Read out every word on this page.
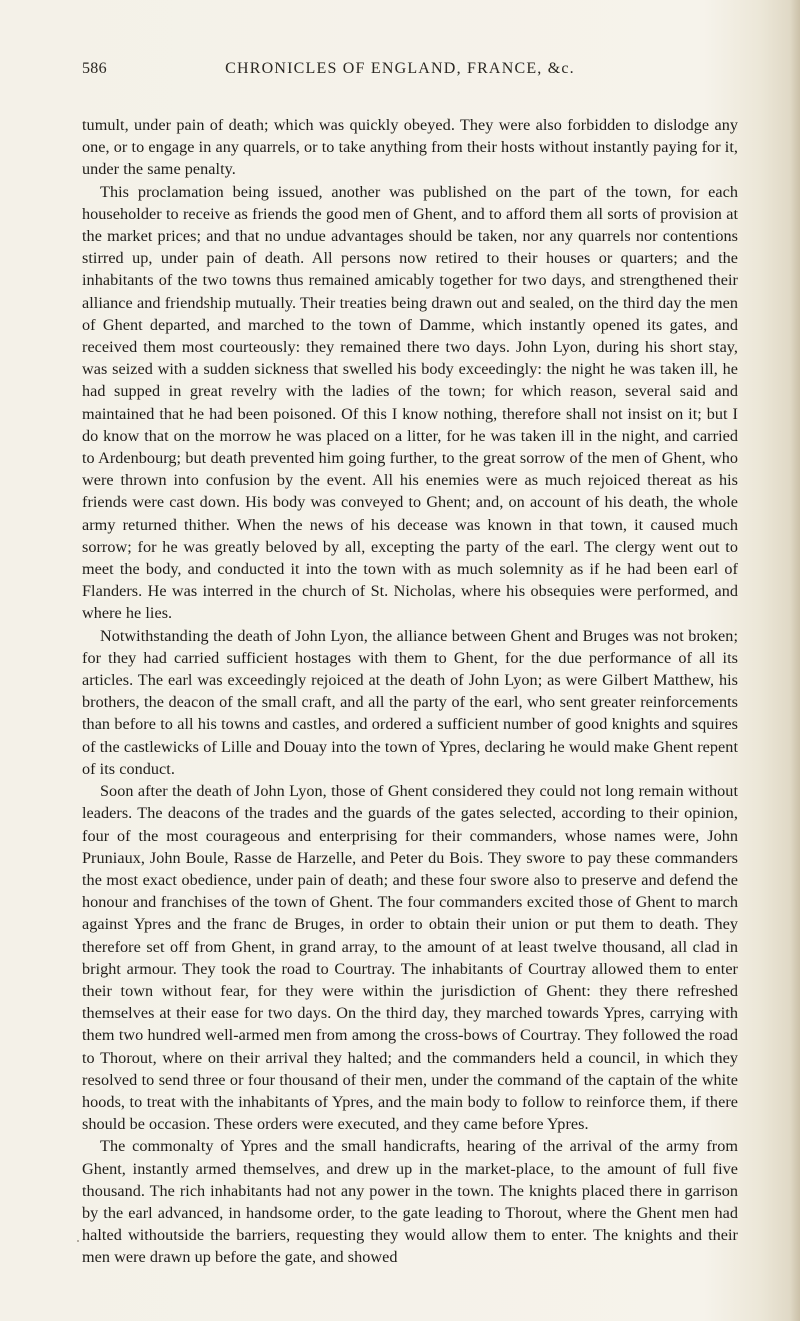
586	CHRONICLES OF ENGLAND, FRANCE, &c.

tumult, under pain of death; which was quickly obeyed. They were also forbidden to dislodge any one, or to engage in any quarrels, or to take anything from their hosts without instantly paying for it, under the same penalty.

This proclamation being issued, another was published on the part of the town, for each householder to receive as friends the good men of Ghent, and to afford them all sorts of provision at the market prices; and that no undue advantages should be taken, nor any quarrels nor contentions stirred up, under pain of death. All persons now retired to their houses or quarters; and the inhabitants of the two towns thus remained amicably together for two days, and strengthened their alliance and friendship mutually. Their treaties being drawn out and sealed, on the third day the men of Ghent departed, and marched to the town of Damme, which instantly opened its gates, and received them most courteously: they remained there two days. John Lyon, during his short stay, was seized with a sudden sickness that swelled his body exceedingly: the night he was taken ill, he had supped in great revelry with the ladies of the town; for which reason, several said and maintained that he had been poisoned. Of this I know nothing, therefore shall not insist on it; but I do know that on the morrow he was placed on a litter, for he was taken ill in the night, and carried to Ardenbourg; but death prevented him going further, to the great sorrow of the men of Ghent, who were thrown into confusion by the event. All his enemies were as much rejoiced thereat as his friends were cast down. His body was conveyed to Ghent; and, on account of his death, the whole army returned thither. When the news of his decease was known in that town, it caused much sorrow; for he was greatly beloved by all, excepting the party of the earl. The clergy went out to meet the body, and conducted it into the town with as much solemnity as if he had been earl of Flanders. He was interred in the church of St. Nicholas, where his obsequies were performed, and where he lies.

Notwithstanding the death of John Lyon, the alliance between Ghent and Bruges was not broken; for they had carried sufficient hostages with them to Ghent, for the due performance of all its articles. The earl was exceedingly rejoiced at the death of John Lyon; as were Gilbert Matthew, his brothers, the deacon of the small craft, and all the party of the earl, who sent greater reinforcements than before to all his towns and castles, and ordered a sufficient number of good knights and squires of the castlewicks of Lille and Douay into the town of Ypres, declaring he would make Ghent repent of its conduct.

Soon after the death of John Lyon, those of Ghent considered they could not long remain without leaders. The deacons of the trades and the guards of the gates selected, according to their opinion, four of the most courageous and enterprising for their commanders, whose names were, John Pruniaux, John Boule, Rasse de Harzelle, and Peter du Bois. They swore to pay these commanders the most exact obedience, under pain of death; and these four swore also to preserve and defend the honour and franchises of the town of Ghent. The four commanders excited those of Ghent to march against Ypres and the franc de Bruges, in order to obtain their union or put them to death. They therefore set off from Ghent, in grand array, to the amount of at least twelve thousand, all clad in bright armour. They took the road to Courtray. The inhabitants of Courtray allowed them to enter their town without fear, for they were within the jurisdiction of Ghent: they there refreshed themselves at their ease for two days. On the third day, they marched towards Ypres, carrying with them two hundred well-armed men from among the cross-bows of Courtray. They followed the road to Thorout, where on their arrival they halted; and the commanders held a council, in which they resolved to send three or four thousand of their men, under the command of the captain of the white hoods, to treat with the inhabitants of Ypres, and the main body to follow to reinforce them, if there should be occasion. These orders were executed, and they came before Ypres.

The commonalty of Ypres and the small handicrafts, hearing of the arrival of the army from Ghent, instantly armed themselves, and drew up in the market-place, to the amount of full five thousand. The rich inhabitants had not any power in the town. The knights placed there in garrison by the earl advanced, in handsome order, to the gate leading to Thorout, where the Ghent men had halted withoutside the barriers, requesting they would allow them to enter. The knights and their men were drawn up before the gate, and showed
